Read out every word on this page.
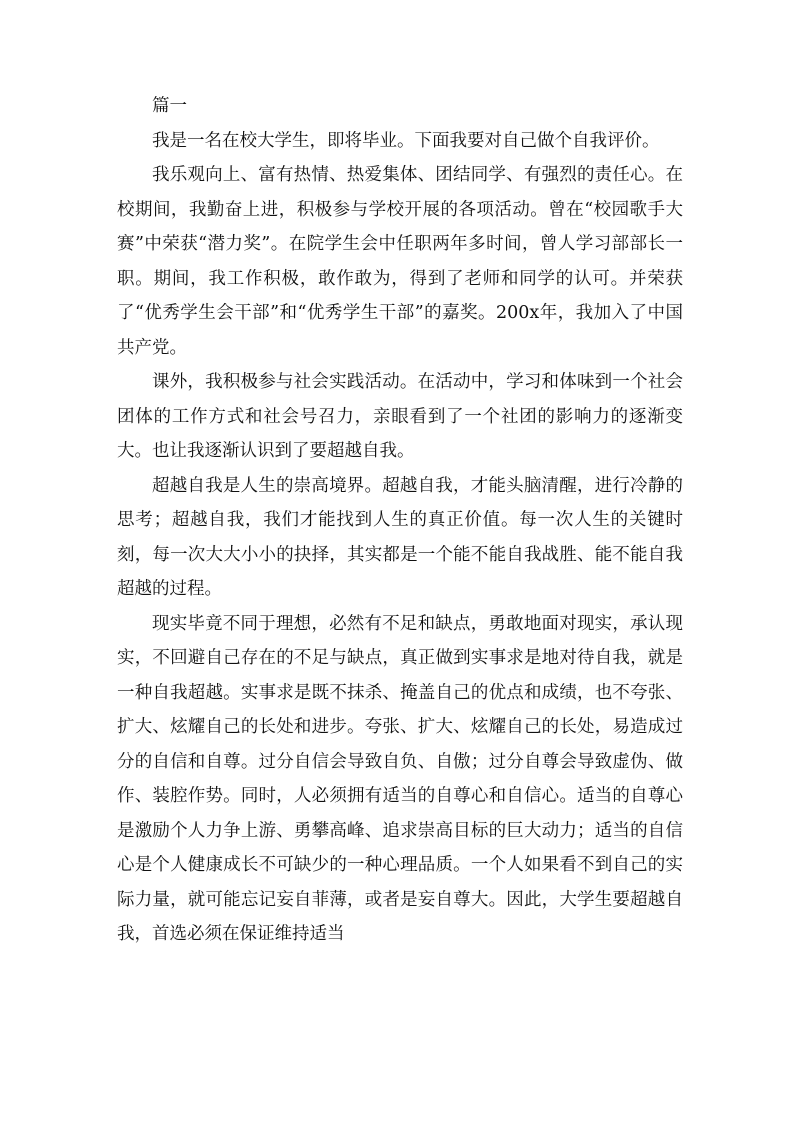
篇一

我是一名在校大学生，即将毕业。下面我要对自己做个自我评价。

我乐观向上、富有热情、热爱集体、团结同学、有强烈的责任心。在校期间，我勤奋上进，积极参与学校开展的各项活动。曾在“校园歌手大赛”中荣获“潜力奖”。在院学生会中任职两年多时间，曾人学习部部长一职。期间，我工作积极，敢作敢为，得到了老师和同学的认可。并荣获了“优秀学生会干部”和“优秀学生干部”的嘉奖。200x年，我加入了中国共产党。

课外，我积极参与社会实践活动。在活动中，学习和体味到一个社会团体的工作方式和社会号召力，亲眼看到了一个社团的影响力的逐渐变大。也让我逐渐认识到了要超越自我。

超越自我是人生的崇高境界。超越自我，才能头脑清醒，进行冷静的思考；超越自我，我们才能找到人生的真正价值。每一次人生的关键时刻，每一次大大小小的抉择，其实都是一个能不能自我战胜、能不能自我超越的过程。

现实毕竟不同于理想，必然有不足和缺点，勇敢地面对现实，承认现实，不回避自己存在的不足与缺点，真正做到实事求是地对待自我，就是一种自我超越。实事求是既不抹杀、掩盖自己的优点和成绩，也不夸张、扩大、炫耀自己的长处和进步。夸张、扩大、炫耀自己的长处，易造成过分的自信和自尊。过分自信会导致自负、自傲；过分自尊会导致虚伪、做作、装腔作势。同时，人必须拥有适当的自尊心和自信心。适当的自尊心是激励个人力争上游、勇攀高峰、追求崇高目标的巨大动力；适当的自信心是个人健康成长不可缺少的一种心理品质。一个人如果看不到自己的实际力量，就可能忘记妄自菲薄，或者是妄自尊大。因此，大学生要超越自我，首选必须在保证维持适当
